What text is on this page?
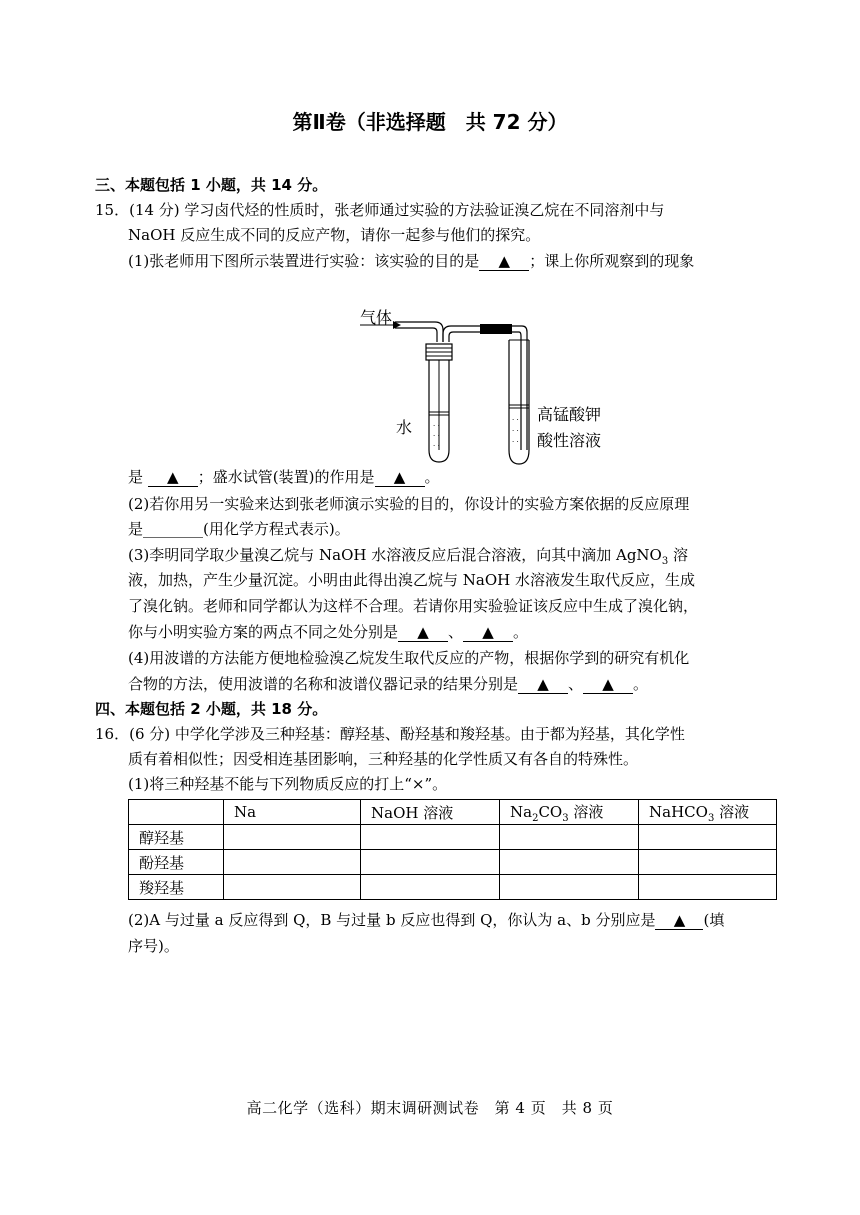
第Ⅱ卷（非选择题　共 72 分）
三、本题包括 1 小题，共 14 分。
15．(14 分) 学习卤代烃的性质时，张老师通过实验的方法验证溴乙烷在不同溶剂中与
NaOH 反应生成不同的反应产物，请你一起参与他们的探究。
(1)张老师用下图所示装置进行实验：该实验的目的是 ▲ ；课上你所观察到的现象
· ·
· ·
· ·
· ·
· ·
· ·
气体
水
高锰酸钾
酸性溶液
是 ▲ ；盛水试管(装置)的作用是 ▲ 。
(2)若你用另一实验来达到张老师演示实验的目的，你设计的实验方案依据的反应原理
是________(用化学方程式表示)。
(3)李明同学取少量溴乙烷与 NaOH 水溶液反应后混合溶液，向其中滴加 AgNO$_3$ 溶
液，加热，产生少量沉淀。小明由此得出溴乙烷与 NaOH 水溶液发生取代反应，生成
了溴化钠。老师和同学都认为这样不合理。若请你用实验验证该反应中生成了溴化钠，
你与小明实验方案的两点不同之处分别是 ▲ 、 ▲ 。
(4)用波谱的方法能方便地检验溴乙烷发生取代反应的产物，根据你学到的研究有机化
合物的方法，使用波谱的名称和波谱仪器记录的结果分别是 ▲ 、 ▲ 。
四、本题包括 2 小题，共 18 分。
16．(6 分) 中学化学涉及三种羟基：醇羟基、酚羟基和羧羟基。由于都为羟基，其化学性
质有着相似性；因受相连基团影响，三种羟基的化学性质又有各自的特殊性。
(1)将三种羟基不能与下列物质反应的打上“×”。
	Na	NaOH 溶液	$Na_2CO_3$ 溶液	NaHCO$_3$ 溶液
醇羟基				
酚羟基				
羧羟基				
(2)A 与过量 a 反应得到 Q，B 与过量 b 反应也得到 Q，你认为 a、b 分别应是 ▲ (填
序号)。
高二化学（选科）期末调研测试卷　第 4 页　共 8 页
